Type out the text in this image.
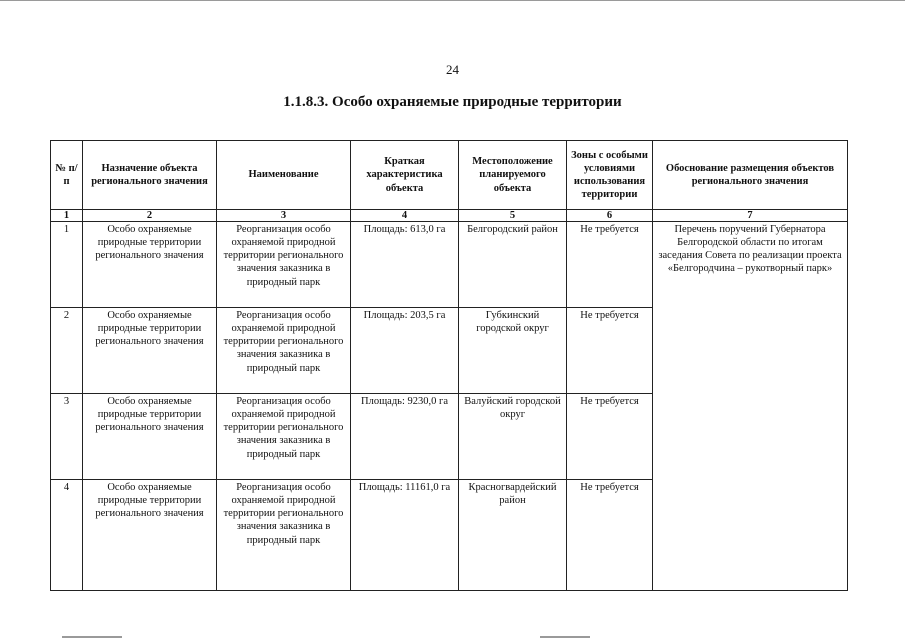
24
1.1.8.3. Особо охраняемые природные территории
№ п/п	Назначение объекта регионального значения	Наименование	Краткая характеристика объекта	Местоположение планируемого объекта	Зоны с особыми условиями использования территории	Обоснование размещения объектов регионального значения
1	2	3	4	5	6	7
1	Особо охраняемые природные территории регионального значения	Реорганизация особо охраняемой природной территории регионального значения заказника в природный парк	Площадь: 613,0 га	Белгородский район	Не требуется	Перечень поручений Губернатора Белгородской области по итогам заседания Совета по реализации проекта «Белгородчина – рукотворный парк»
2	Особо охраняемые природные территории регионального значения	Реорганизация особо охраняемой природной территории регионального значения заказника в природный парк	Площадь: 203,5 га	Губкинский городской округ	Не требуется	
3	Особо охраняемые природные территории регионального значения	Реорганизация особо охраняемой природной территории регионального значения заказника в природный парк	Площадь: 9230,0 га	Валуйский городской округ	Не требуется	
4	Особо охраняемые природные территории регионального значения	Реорганизация особо охраняемой природной территории регионального значения заказника в природный парк	Площадь: 11161,0 га	Красногвардейский район	Не требуется	
